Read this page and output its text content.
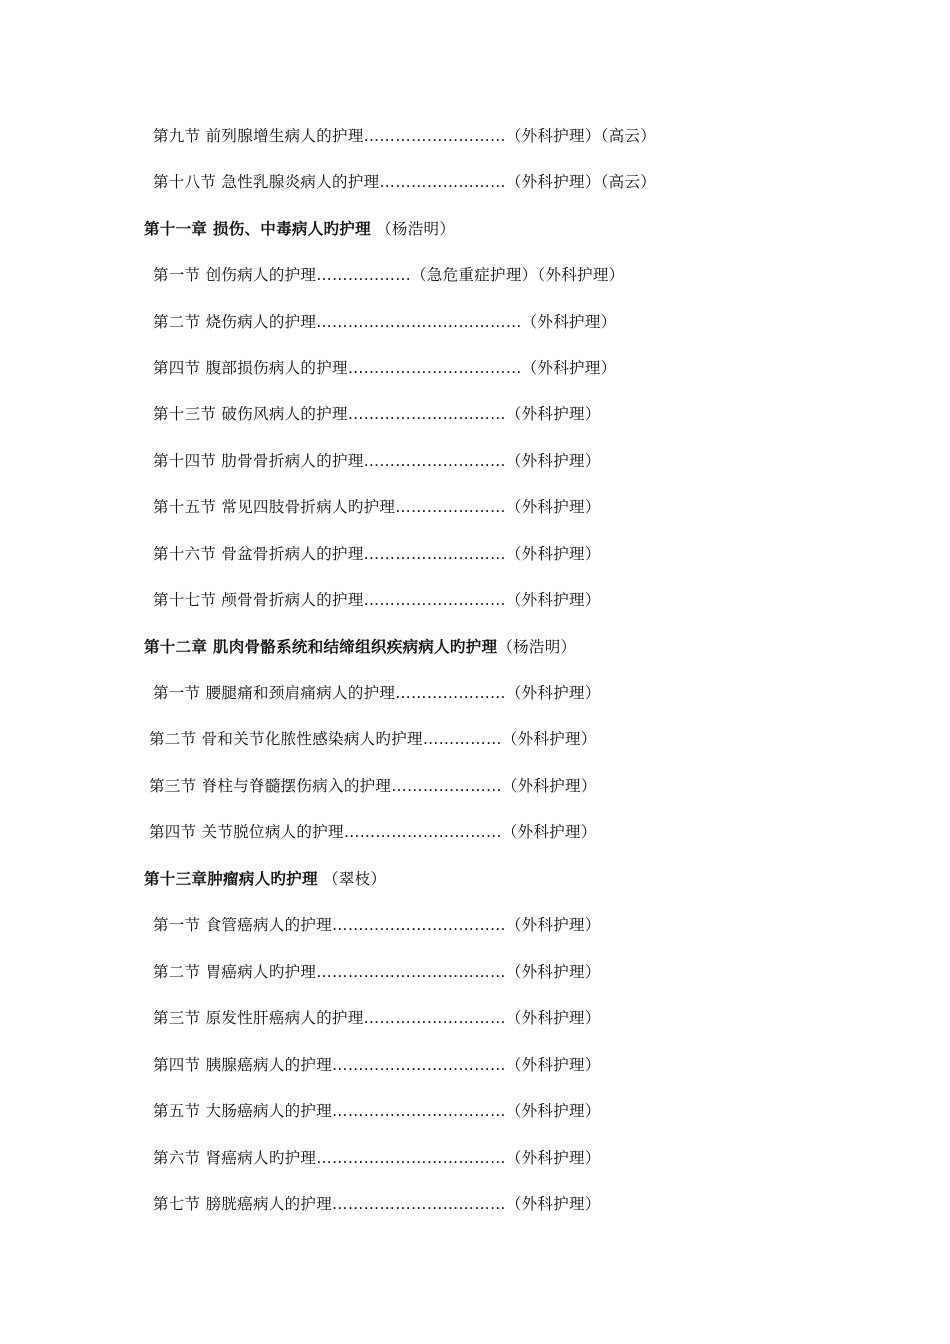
第九节 前列腺增生病人的护理………………………（外科护理）（高云）
第十八节 急性乳腺炎病人的护理……………………（外科护理）（高云）
第十一章 损伤、中毒病人旳护理 （杨浩明）
第一节 创伤病人的护理………………（急危重症护理）（外科护理）
第二节 烧伤病人的护理…………………………………（外科护理）
第四节 腹部损伤病人的护理……………………………（外科护理）
第十三节 破伤风病人的护理…………………………（外科护理）
第十四节 肋骨骨折病人的护理………………………（外科护理）
第十五节 常见四肢骨折病人旳护理…………………（外科护理）
第十六节 骨盆骨折病人的护理………………………（外科护理）
第十七节 颅骨骨折病人的护理………………………（外科护理）
第十二章 肌肉骨骼系统和结缔组织疾病病人旳护理（杨浩明）
第一节 腰腿痛和颈肩痛病人的护理…………………（外科护理）
第二节 骨和关节化脓性感染病人旳护理……………（外科护理）
第三节 脊柱与脊髓摆伤病入的护理…………………（外科护理）
第四节 关节脱位病人的护理…………………………（外科护理）
第十三章肿瘤病人旳护理 （翠枝）
第一节 食管癌病人的护理……………………………（外科护理）
第二节 胃癌病人旳护理………………………………（外科护理）
第三节 原发性肝癌病人的护理………………………（外科护理）
第四节 胰腺癌病人的护理……………………………（外科护理）
第五节 大肠癌病人的护理……………………………（外科护理）
第六节 肾癌病人旳护理………………………………（外科护理）
第七节 膀胱癌病人的护理……………………………（外科护理）
